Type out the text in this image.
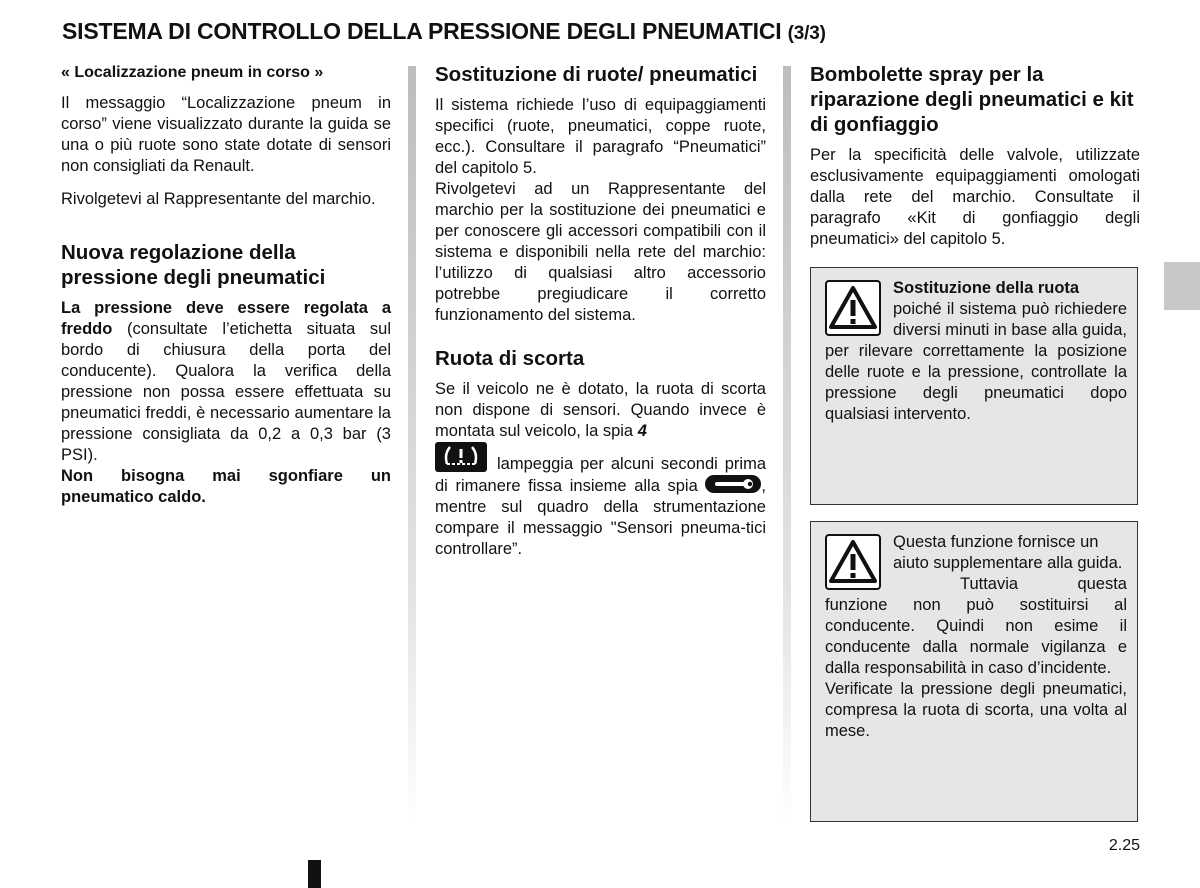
SISTEMA DI CONTROLLO DELLA PRESSIONE DEGLI PNEUMATICI (3/3)
« Localizzazione pneum in corso »

Il messaggio “Localizzazione pneum in corso” viene visualizzato durante la guida se una o più ruote sono state dotate di sensori non consigliati da Renault.

Rivolgetevi al Rappresentante del marchio.

Nuova regolazione della pressione degli pneumatici

La pressione deve essere regolata a freddo (consultate l’etichetta situata sul bordo di chiusura della porta del conducente). Qualora la verifica della pressione non possa essere effettuata su pneumatici freddi, è necessario aumentare la pressione consigliata da 0,2 a 0,3 bar (3 PSI).

Non bisogna mai sgonfiare un pneumatico caldo.

Sostituzione di ruote/ pneumatici

Il sistema richiede l’uso di equipaggiamenti specifici (ruote, pneumatici, coppe ruote, ecc.). Consultare il paragrafo “Pneumatici” del capitolo 5.

Rivolgetevi ad un Rappresentante del marchio per la sostituzione dei pneumatici e per conoscere gli accessori compatibili con il sistema e disponibili nella rete del marchio: l’utilizzo di qualsiasi altro accessorio potrebbe pregiudicare il corretto funzionamento del sistema.

Ruota di scorta

Se il veicolo ne è dotato, la ruota di scorta non dispone di sensori. Quando invece è montata sul veicolo, la spia 4
lampeggia per alcuni secondi prima di rimanere fissa insieme alla spia	, mentre sul quadro della strumentazione compare il messaggio "Sensori pneuma-tici controllare”.

Bombolette spray per la riparazione degli pneumatici e kit di gonfiaggio

Per la specificità delle valvole, utilizzate esclusivamente equipaggiamenti omologati dalla rete del marchio. Consultate il paragrafo «Kit di gonfiaggio degli pneumatici» del capitolo 5.

Sostituzione della ruota

poiché il sistema può richiedere diversi minuti in base alla guida, per rilevare correttamente la posizione delle ruote e la pressione, controllate la pressione degli pneumatici dopo qualsiasi intervento.

Questa funzione fornisce un aiuto supplementare alla guida.

Tuttavia questa funzione non può sostituirsi al conducente. Quindi non esime il conducente dalla normale vigilanza e dalla responsabilità in caso d’incidente.

Verificate la pressione degli pneumatici, compresa la ruota di scorta, una volta al mese.

2.25
